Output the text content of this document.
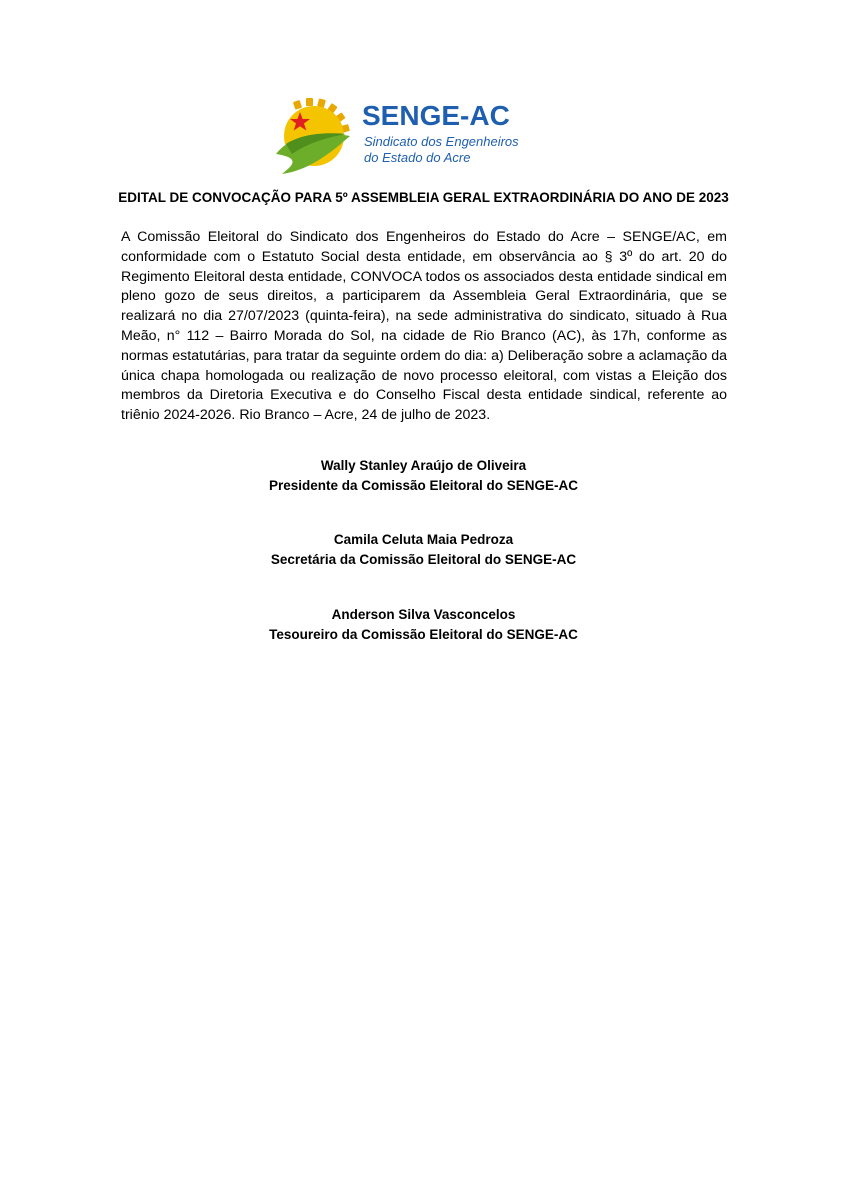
SENGE-AC
Sindicato dos Engenheiros
do Estado do Acre
EDITAL DE CONVOCAÇÃO PARA 5º ASSEMBLEIA GERAL EXTRAORDINÁRIA DO ANO DE 2023
A Comissão Eleitoral do Sindicato dos Engenheiros do Estado do Acre – SENGE/AC, em conformidade com o Estatuto Social desta entidade, em observância ao § 3º do art. 20 do Regimento Eleitoral desta entidade, CONVOCA todos os associados desta entidade sindical em pleno gozo de seus direitos, a participarem da Assembleia Geral Extraordinária, que se realizará no dia 27/07/2023 (quinta-feira), na sede administrativa do sindicato, situado à Rua Meão, n° 112 – Bairro Morada do Sol, na cidade de Rio Branco (AC), às 17h, conforme as normas estatutárias, para tratar da seguinte ordem do dia: a) Deliberação sobre a aclamação da única chapa homologada ou realização de novo processo eleitoral, com vistas a Eleição dos membros da Diretoria Executiva e do Conselho Fiscal desta entidade sindical, referente ao triênio 2024-2026. Rio Branco – Acre, 24 de julho de 2023.
Wally Stanley Araújo de Oliveira
Presidente da Comissão Eleitoral do SENGE-AC
Camila Celuta Maia Pedroza
Secretária da Comissão Eleitoral do SENGE-AC
Anderson Silva Vasconcelos
Tesoureiro da Comissão Eleitoral do SENGE-AC
